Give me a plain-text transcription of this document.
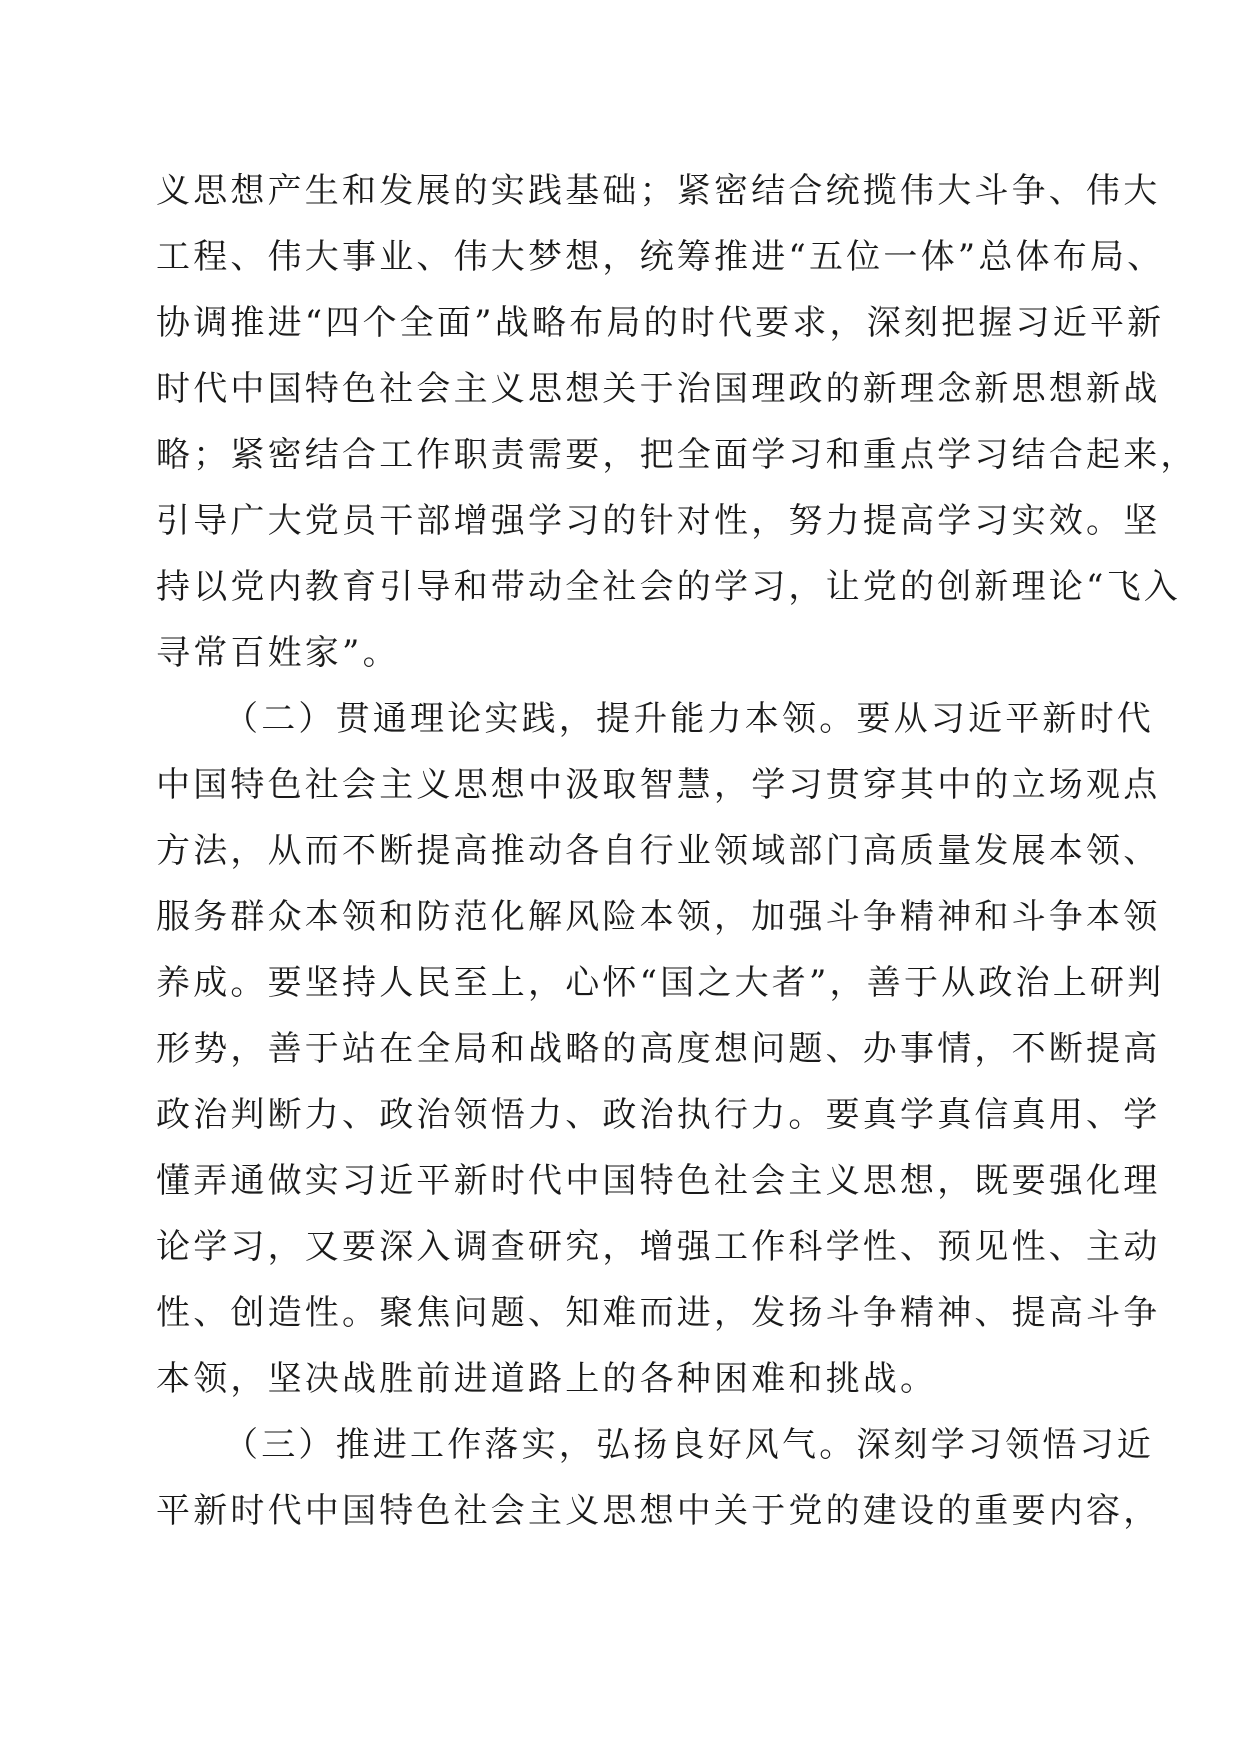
义思想产生和发展的实践基础；紧密结合统揽伟大斗争、伟大
工程、伟大事业、伟大梦想，统筹推进“五位一体”总体布局、
协调推进“四个全面”战略布局的时代要求，深刻把握习近平新
时代中国特色社会主义思想关于治国理政的新理念新思想新战
略；紧密结合工作职责需要，把全面学习和重点学习结合起来，
引导广大党员干部增强学习的针对性，努力提高学习实效。坚
持以党内教育引导和带动全社会的学习，让党的创新理论“飞入
寻常百姓家”。
（二）贯通理论实践，提升能力本领。要从习近平新时代
中国特色社会主义思想中汲取智慧，学习贯穿其中的立场观点
方法，从而不断提高推动各自行业领域部门高质量发展本领、
服务群众本领和防范化解风险本领，加强斗争精神和斗争本领
养成。要坚持人民至上，心怀“国之大者”，善于从政治上研判
形势，善于站在全局和战略的高度想问题、办事情，不断提高
政治判断力、政治领悟力、政治执行力。要真学真信真用、学
懂弄通做实习近平新时代中国特色社会主义思想，既要强化理
论学习，又要深入调查研究，增强工作科学性、预见性、主动
性、创造性。聚焦问题、知难而进，发扬斗争精神、提高斗争
本领，坚决战胜前进道路上的各种困难和挑战。
（三）推进工作落实，弘扬良好风气。深刻学习领悟习近
平新时代中国特色社会主义思想中关于党的建设的重要内容，
